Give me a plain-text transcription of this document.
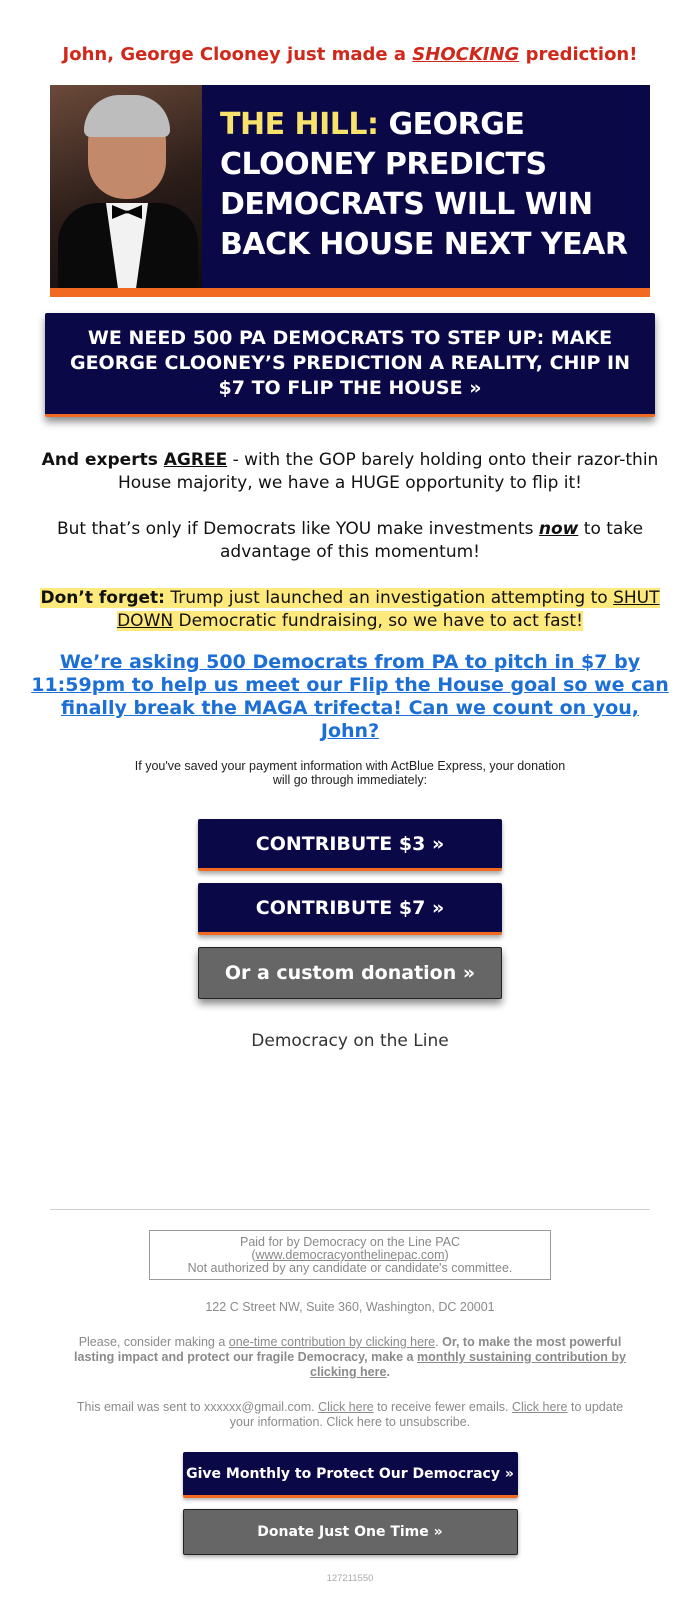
John, George Clooney just made a SHOCKING prediction!
THE HILL: GEORGE
CLOONEY PREDICTS
DEMOCRATS WILL WIN
BACK HOUSE NEXT YEAR
WE NEED 500 PA DEMOCRATS TO STEP UP: MAKE GEORGE CLOONEY’S PREDICTION A REALITY, CHIP IN $7 TO FLIP THE HOUSE »

And experts AGREE - with the GOP barely holding onto their razor-thin House majority, we have a HUGE opportunity to flip it!

But that’s only if Democrats like YOU make investments now to take advantage of this momentum!

Don’t forget: Trump just launched an investigation attempting to SHUT DOWN Democratic fundraising, so we have to act fast!

We’re asking 500 Democrats from PA to pitch in $7 by 11:59pm to help us meet our Flip the House goal so we can finally break the MAGA trifecta! Can we count on you, John?
If you've saved your payment information with ActBlue Express, your donation will go through immediately:
CONTRIBUTE $3 »
CONTRIBUTE $7 »
Or a custom donation »
Democracy on the Line
Paid for by Democracy on the Line PAC
(www.democracyonthelinepac.com)
Not authorized by any candidate or candidate's committee.
122 C Street NW, Suite 360, Washington, DC 20001
Please, consider making a one-time contribution by clicking here. Or, to make the most powerful lasting impact and protect our fragile Democracy, make a monthly sustaining contribution by clicking here.
This email was sent to xxxxxx@gmail.com. Click here to receive fewer emails. Click here to update your information. Click here to unsubscribe.
Give Monthly to Protect Our Democracy »
Donate Just One Time »
127211550
